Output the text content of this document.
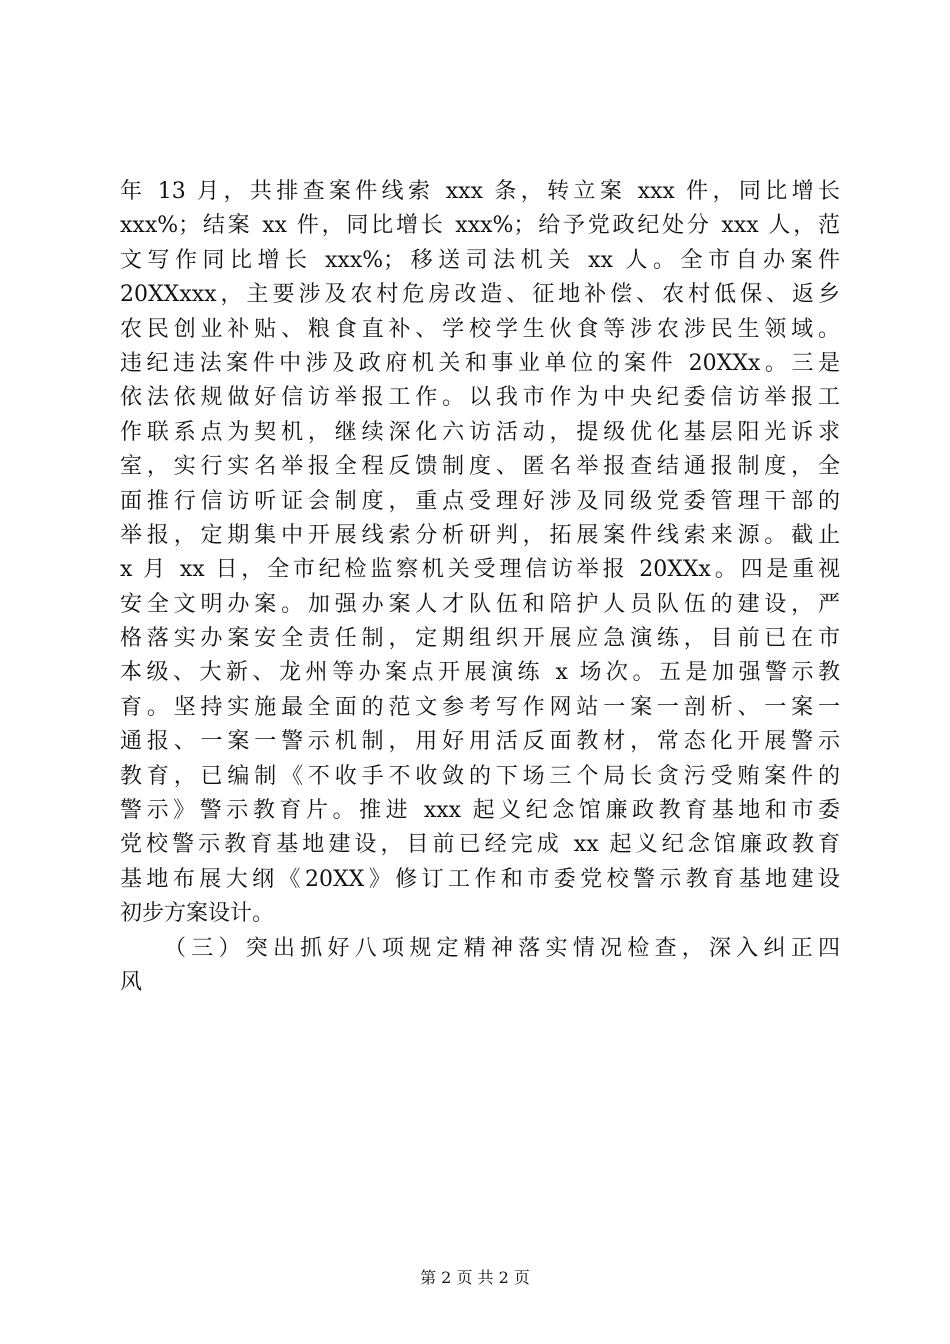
年 13 月，共排查案件线索 xxx 条，转立案 xxx 件，同比增长
xxx%；结案 xx 件，同比增长 xxx%；给予党政纪处分 xxx 人，范
文写作同比增长 xxx%；移送司法机关 xx 人。全市自办案件
20XXxxx，主要涉及农村危房改造、征地补偿、农村低保、返乡
农民创业补贴、粮食直补、学校学生伙食等涉农涉民生领域。
违纪违法案件中涉及政府机关和事业单位的案件 20XXx。三是
依法依规做好信访举报工作。以我市作为中央纪委信访举报工
作联系点为契机，继续深化六访活动，提级优化基层阳光诉求
室，实行实名举报全程反馈制度、匿名举报查结通报制度，全
面推行信访听证会制度，重点受理好涉及同级党委管理干部的
举报，定期集中开展线索分析研判，拓展案件线索来源。截止
x 月 xx 日，全市纪检监察机关受理信访举报 20XXx。四是重视
安全文明办案。加强办案人才队伍和陪护人员队伍的建设，严
格落实办案安全责任制，定期组织开展应急演练，目前已在市
本级、大新、龙州等办案点开展演练 x 场次。五是加强警示教
育。坚持实施最全面的范文参考写作网站一案一剖析、一案一
通报、一案一警示机制，用好用活反面教材，常态化开展警示
教育，已编制《不收手不收敛的下场三个局长贪污受贿案件的
警示》警示教育片。推进 xxx 起义纪念馆廉政教育基地和市委
党校警示教育基地建设，目前已经完成 xx 起义纪念馆廉政教育
基地布展大纲《20XX》修订工作和市委党校警示教育基地建设
初步方案设计。
（三）突出抓好八项规定精神落实情况检查，深入纠正四
风
第 2 页 共 2 页
